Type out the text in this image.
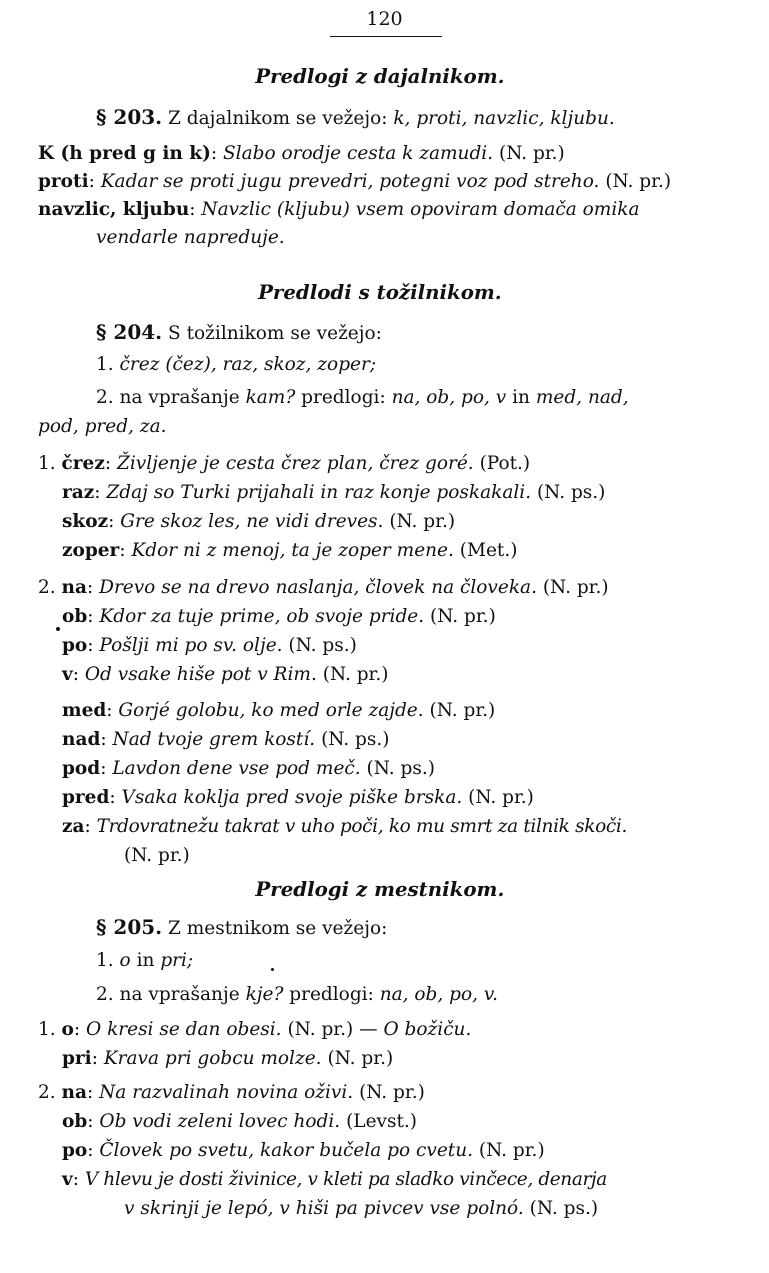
120
Predlogi z dajalnikom.
§ 203. Z dajalnikom se vežejo: k, proti, navzlic, kljubu.
K (h pred g in k): Slabo orodje cesta k zamudi. (N. pr.)
proti: Kadar se proti jugu prevedri, potegni voz pod streho. (N. pr.)
navzlic, kljubu: Navzlic (kljubu) vsem opoviram domača omika
vendarle napreduje.
Predlodi s tožilnikom.
§ 204. S tožilnikom se vežejo:
1. črez (čez), raz, skoz, zoper;
2. na vprašanje kam? predlogi: na, ob, po, v in med, nad,
pod, pred, za.
1. črez: Življenje je cesta črez plan, črez goré. (Pot.)
raz: Zdaj so Turki prijahali in raz konje poskakali. (N. ps.)
skoz: Gre skoz les, ne vidi dreves. (N. pr.)
zoper: Kdor ni z menoj, ta je zoper mene. (Met.)
2. na: Drevo se na drevo naslanja, človek na človeka. (N. pr.)
ob: Kdor za tuje prime, ob svoje pride. (N. pr.)
po: Pošlji mi po sv. olje. (N. ps.)
v: Od vsake hiše pot v Rim. (N. pr.)
med: Gorjé golobu, ko med orle zajde. (N. pr.)
nad: Nad tvoje grem kostí. (N. ps.)
pod: Lavdon dene vse pod meč. (N. ps.)
pred: Vsaka koklja pred svoje piške brska. (N. pr.)
za: Trdovratnežu takrat v uho poči, ko mu smrt za tilnik skoči.
(N. pr.)
Predlogi z mestnikom.
§ 205. Z mestnikom se vežejo:
1. o in pri;
2. na vprašanje kje? predlogi: na, ob, po, v.
1. o: O kresi se dan obesi. (N. pr.) — O božiču.
pri: Krava pri gobcu molze. (N. pr.)
2. na: Na razvalinah novina oživi. (N. pr.)
ob: Ob vodi zeleni lovec hodi. (Levst.)
po: Človek po svetu, kakor bučela po cvetu. (N. pr.)
v: V hlevu je dosti živinice, v kleti pa sladko vinčece, denarja
v skrinji je lepó, v hiši pa pivcev vse polnó. (N. ps.)
